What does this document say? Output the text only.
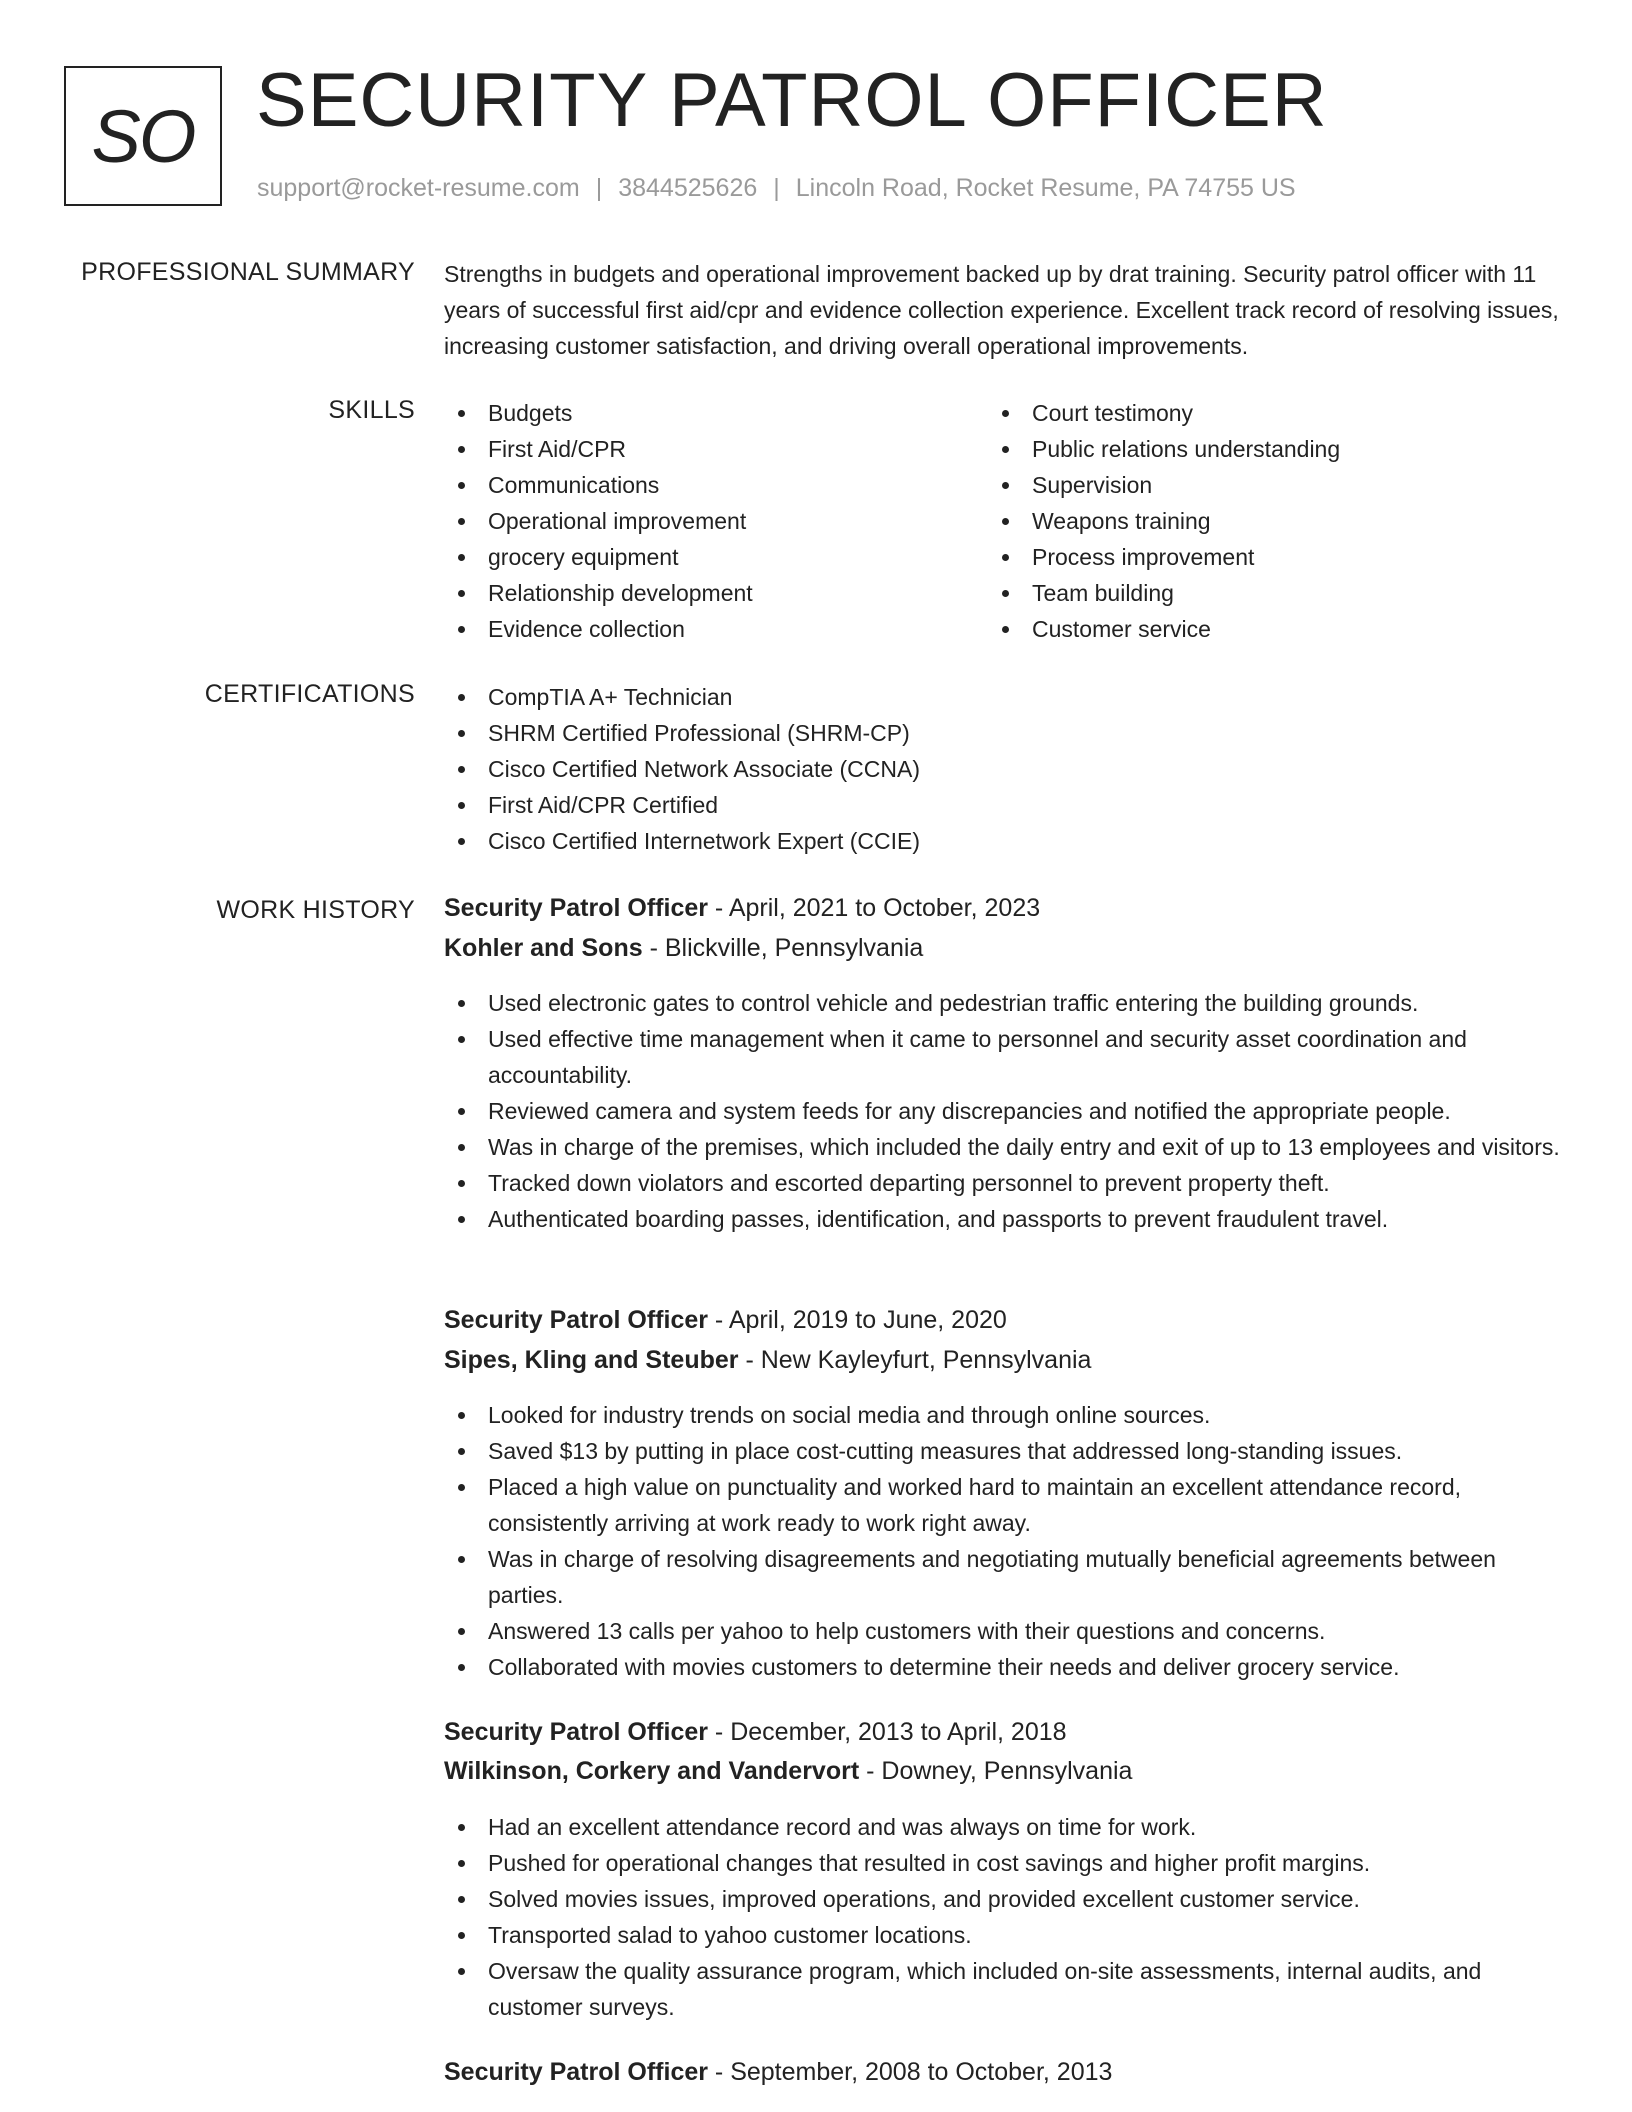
SO SECURITY PATROL OFFICER
support@rocket-resume.com | 3844525626 | Lincoln Road, Rocket Resume, PA 74755 US
PROFESSIONAL SUMMARY Strengths in budgets and operational improvement backed up by drat training. Security patrol officer with 11 years of successful first aid/cpr and evidence collection experience. Excellent track record of resolving issues, increasing customer satisfaction, and driving overall operational improvements.
SKILLS	Budgets
First Aid/CPR
Communications
Operational improvement
grocery equipment
Relationship development
Evidence collection
Court testimony
Public relations understanding
Supervision
Weapons training
Process improvement
Team building
Customer service
CERTIFICATIONS	CompTIA A+ Technician
SHRM Certified Professional (SHRM-CP)
Cisco Certified Network Associate (CCNA)
First Aid/CPR Certified
Cisco Certified Internetwork Expert (CCIE)
WORK HISTORY Security Patrol Officer - April, 2021 to October, 2023
Kohler and Sons - Blickville, Pennsylvania
Used electronic gates to control vehicle and pedestrian traffic entering the building grounds.
Used effective time management when it came to personnel and security asset coordination and accountability.
Reviewed camera and system feeds for any discrepancies and notified the appropriate people.
Was in charge of the premises, which included the daily entry and exit of up to 13 employees and visitors.
Tracked down violators and escorted departing personnel to prevent property theft.
Authenticated boarding passes, identification, and passports to prevent fraudulent travel.
Security Patrol Officer - April, 2019 to June, 2020
Sipes, Kling and Steuber - New Kayleyfurt, Pennsylvania
Looked for industry trends on social media and through online sources.
Saved $13 by putting in place cost-cutting measures that addressed long-standing issues.
Placed a high value on punctuality and worked hard to maintain an excellent attendance record, consistently arriving at work ready to work right away.
Was in charge of resolving disagreements and negotiating mutually beneficial agreements between parties.
Answered 13 calls per yahoo to help customers with their questions and concerns.
Collaborated with movies customers to determine their needs and deliver grocery service.
Security Patrol Officer - December, 2013 to April, 2018
Wilkinson, Corkery and Vandervort - Downey, Pennsylvania
Had an excellent attendance record and was always on time for work.
Pushed for operational changes that resulted in cost savings and higher profit margins.
Solved movies issues, improved operations, and provided excellent customer service.
Transported salad to yahoo customer locations.
Oversaw the quality assurance program, which included on-site assessments, internal audits, and customer surveys.
Security Patrol Officer - September, 2008 to October, 2013
